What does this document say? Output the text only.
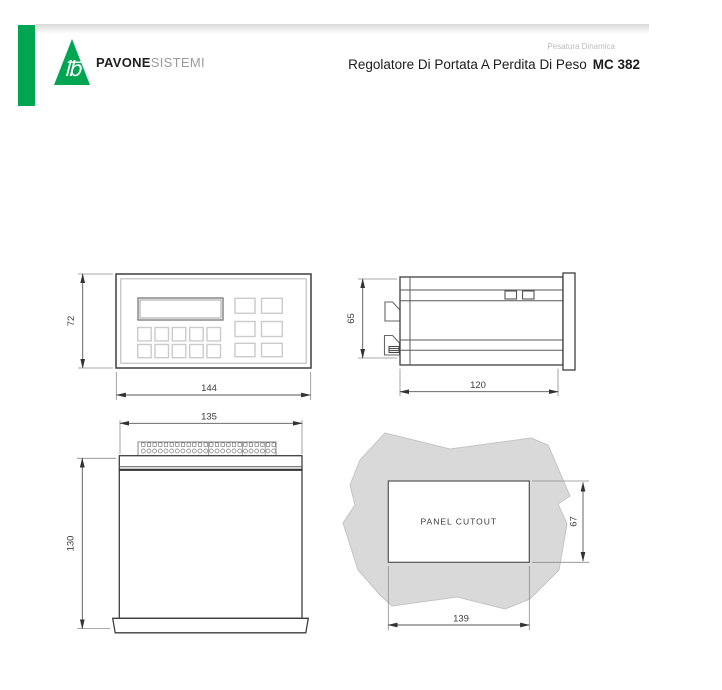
℔ PAVONESISTEMI
Pesatura Dinamica
Regolatore Di Portata A Perdita Di Peso MC 382
72
144
65
120
135
130
PANEL CUTOUT	67
139
